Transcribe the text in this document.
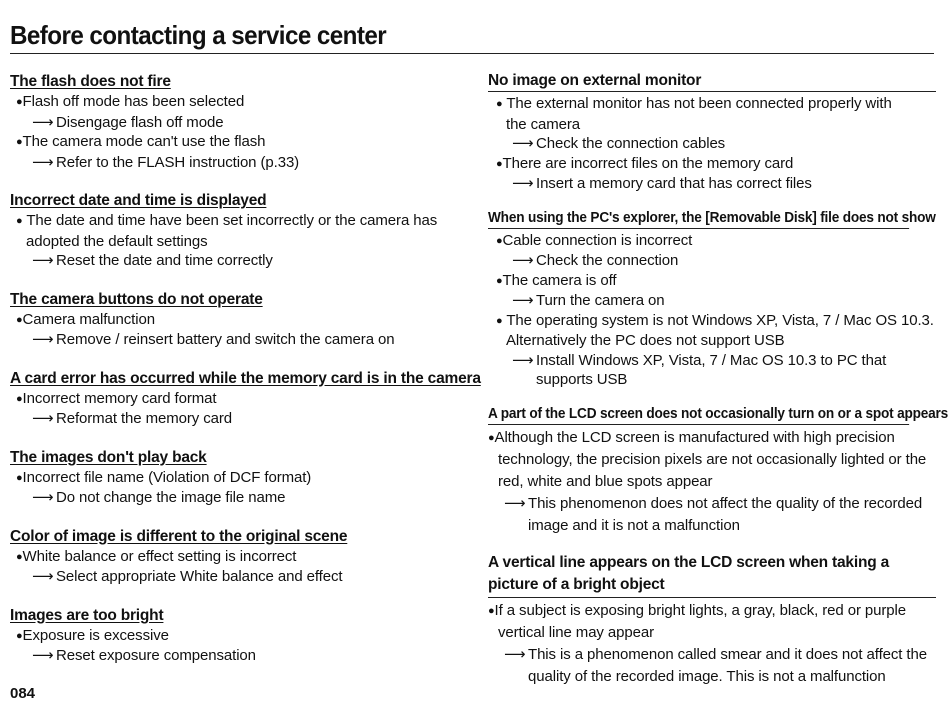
Before contacting a service center
The flash does not fire
●Flash off mode has been selected
⟶ Disengage flash off mode
●The camera mode can't use the flash
⟶ Refer to the FLASH instruction (p.33)
Incorrect date and time is displayed
● The date and time have been set incorrectly or the camera has
adopted the default settings
⟶ Reset the date and time correctly
The camera buttons do not operate
●Camera malfunction
⟶ Remove / reinsert battery and switch the camera on
A card error has occurred while the memory card is in the camera
●Incorrect memory card format
⟶ Reformat the memory card
The images don't play back
●Incorrect file name (Violation of DCF format)
⟶ Do not change the image file name
Color of image is different to the original scene
●White balance or effect setting is incorrect
⟶ Select appropriate White balance and effect
Images are too bright
●Exposure is excessive
⟶ Reset exposure compensation
No image on external monitor
● The external monitor has not been connected properly with
the camera
⟶ Check the connection cables
●There are incorrect files on the memory card
⟶ Insert a memory card that has correct files
When using the PC's explorer, the [Removable Disk] file does not show
●Cable connection is incorrect
⟶ Check the connection
●The camera is off
⟶ Turn the camera on
● The operating system is not Windows XP, Vista, 7 / Mac OS 10.3.
Alternatively the PC does not support USB
⟶ Install Windows XP, Vista, 7 / Mac OS 10.3 to PC that
supports USB
A part of the LCD screen does not occasionally turn on or a spot appears
●Although the LCD screen is manufactured with high precision
technology, the precision pixels are not occasionally lighted or the
red, white and blue spots appear
⟶ This phenomenon does not affect the quality of the recorded
image and it is not a malfunction
A vertical line appears on the LCD screen when taking a picture of a bright object
●If a subject is exposing bright lights, a gray, black, red or purple
vertical line may appear
⟶ This is a phenomenon called smear and it does not affect the
quality of the recorded image. This is not a malfunction
084
